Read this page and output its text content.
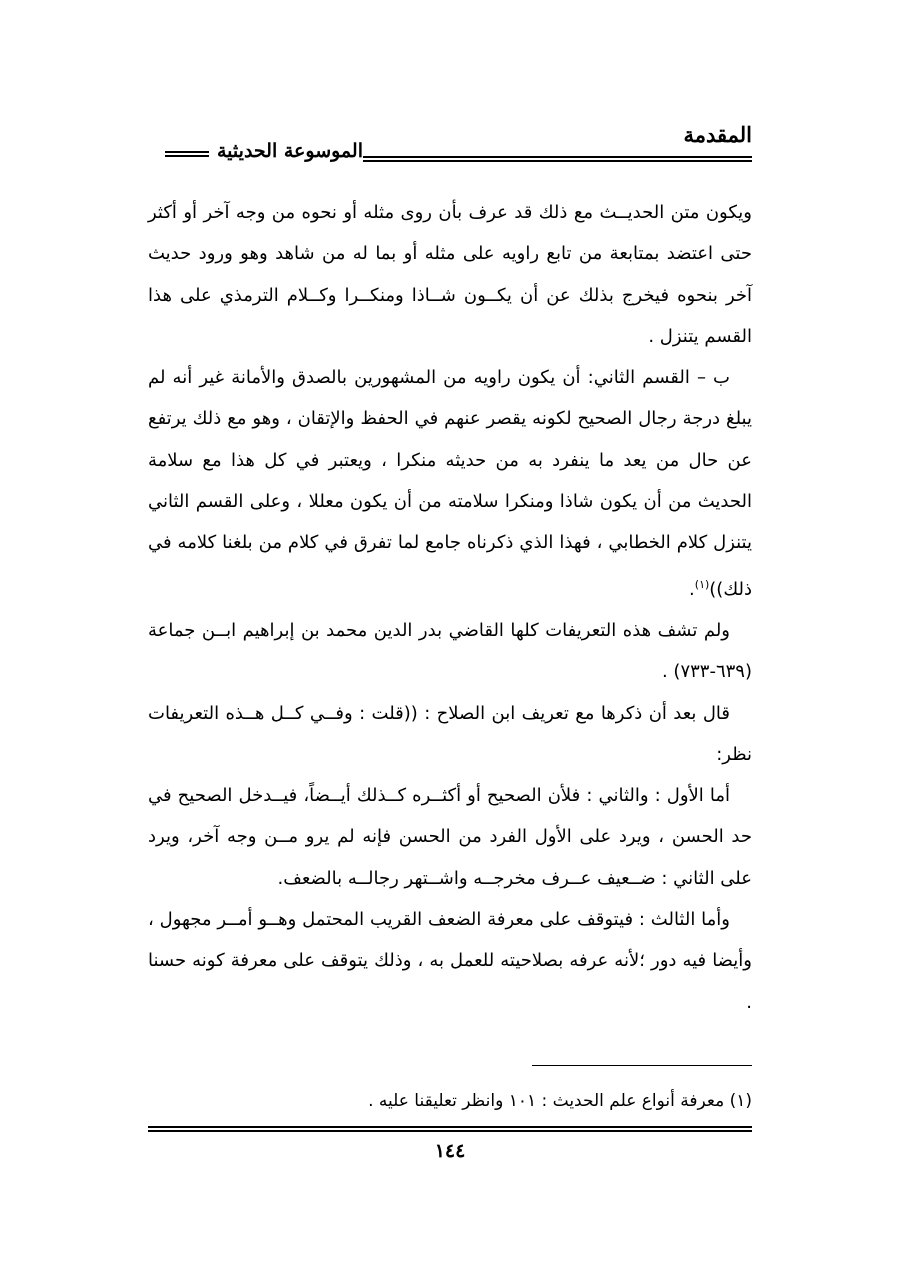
المقدمة
الموسوعة الحديثية

ويكون متن الحديــث مع ذلك قد عرف بأن روى مثله أو نحوه من وجه آخر أو أكثر حتى اعتضد بمتابعة من تابع راويه على مثله أو بما له من شاهد وهو ورود حديث آخر بنحوه فيخرج بذلك عن أن يكــون شــاذا ومنكــرا وكــلام الترمذي على هذا القسم يتنزل .

ب – القسم الثاني: أن يكون راويه من المشهورين بالصدق والأمانة غير أنه لم يبلغ درجة رجال الصحيح لكونه يقصر عنهم في الحفظ والإتقان ، وهو مع ذلك يرتفع عن حال من يعد ما ينفرد به من حديثه منكرا ، ويعتبر في كل هذا مع سلامة الحديث من أن يكون شاذا ومنكرا سلامته من أن يكون معللا ، وعلى القسم الثاني يتنزل كلام الخطابي ، فهذا الذي ذكرناه جامع لما تفرق في كلام من بلغنا كلامه في ذلك))$^{(١)}$.

ولم تشف هذه التعريفات كلها القاضي بدر الدين محمد بن إبراهيم ابــن جماعة (٦٣٩-٧٣٣) .

قال بعد أن ذكرها مع تعريف ابن الصلاح : ((قلت : وفــي كــل هــذه التعريفات نظر:

أما الأول : والثاني : فلأن الصحيح أو أكثــره كــذلك أيــضاً، فيــدخل الصحيح في حد الحسن ، ويرد على الأول الفرد من الحسن فإنه لم يرو مــن وجه آخر، ويرد على الثاني : ضــعيف عــرف مخرجــه واشــتهر رجالــه بالضعف.

وأما الثالث : فيتوقف على معرفة الضعف القريب المحتمل وهــو أمــر مجهول ، وأيضا فيه دور ؛لأنه عرفه بصلاحيته للعمل به ، وذلك يتوقف على معرفة كونه حسنا .

(١) معرفة أنواع علم الحديث : ١٠١ وانظر تعليقنا عليه .
١٤٤
